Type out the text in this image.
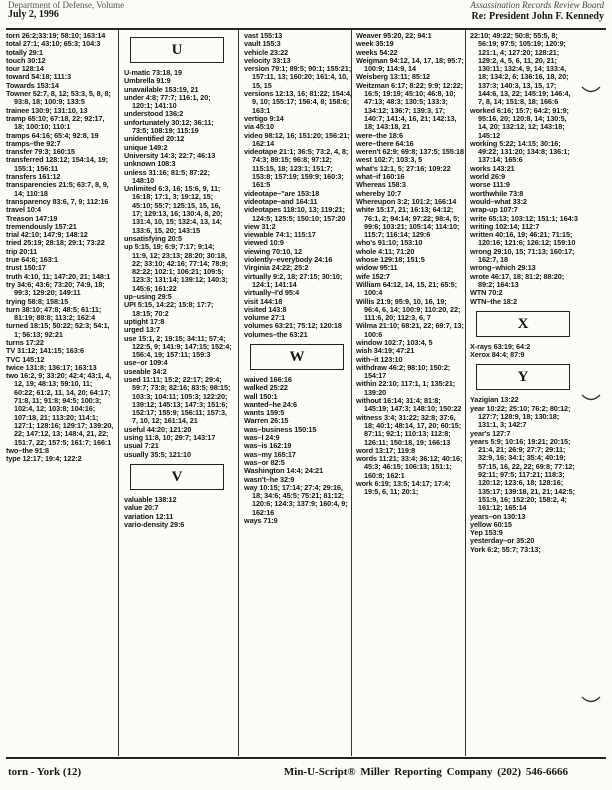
Department of Defense, Volume
July 2, 1996
Assassination Records Review Board
Re: President John F. Kennedy
torn 26:2;33:19; 58:10; 163:14
total 27:1; 43:10; 65:3; 104:3
totally 29:1
touch 30:12
tour 128:14
toward 54:18; 111:3
Towards 153:14
Towner 52:7, 8, 12; 53:3, 5, 8, 8; 93:8, 18; 100:9; 133:5
trainee 130:9; 131:10, 13
tramp 65:10; 67:18, 22; 92:17, 18; 100:10; 110:1
tramps 64:16; 65:4; 92:8, 19
tramps–the 92:7
transfer 79:3; 160:15
transferred 128:12; 154:14, 19; 155:1; 156:11
transfers 161:12
transparencies 21:5; 63:7, 8, 9, 14; 110:18
transparency 83:6, 7, 9; 112:16
travel 10:4
Treason 147:19
tremendously 157:21
trial 42:10; 147:9; 148:12
tried 25:19; 28:18; 29:1; 73:22
trip 20:11
true 64:6; 163:1
trust 150:17
truth 4:10, 11; 147:20, 21; 148:1
try 34:6; 43:6; 73:20; 74:9, 18; 99:3; 129:20; 149:11
trying 58:8; 158:15
turn 38:10; 47:8; 48:5; 61:11; 81:19; 88:8; 113:2; 162:4
turned 18:15; 50:22; 52:3; 54:1, 1; 56:13; 92:21
turns 17:22
TV 31:12; 141:15; 163:6
TVC 145:12
twice 131:8; 136:17; 163:13
two 16:2, 9; 33:20; 42:4; 43:1, 4, 12, 19; 48:13; 59:10, 11; 60:22; 61:2, 11, 14, 20; 64:17; 71:8, 11; 91:8; 94:5; 100:3; 102:4, 12; 103:8; 104:16; 107:18, 21; 113:20; 114:1; 127:1; 128:16; 129:17; 139:20, 22; 147:12, 13; 148:4, 21, 22; 151:7, 22; 157:5; 161:7; 166:1
two–the 91:8
type 12:17; 19:4; 122:2
U
U-matic 73:18, 19
Umbrella 91:9
unavailable 153:19, 21
under 4:8; 77:7; 116:1, 20; 120:1; 141:10
understood 136:2
unfortunately 30:12; 36:11; 73:5; 108:19; 115:19
unidentified 20:12
unique 149:2
University 14:3; 22:7; 46:13
unknown 108:3
unless 31:16; 81:5; 87:22; 148:10
Unlimited 6:3, 16; 15:6, 9, 11; 16:18; 17:1, 3; 19:12, 15; 45:10; 55:7; 125:15, 15, 16, 17; 129:13, 16; 130:4, 8, 20; 131:4, 10, 15; 132:4, 13, 14; 133:6, 15, 20; 143:15
unsatisfying 20:5
up 5:15, 19; 6:9; 7:17; 9:14; 11:9, 12; 23:13; 28:20; 30:18, 22; 33:10; 42:16; 77:14; 78:9; 82:22; 102:1; 106:21; 109:5; 123:3; 131:14; 139:12; 140:3; 145:6; 161:22
up–using 29:5
UPI 5:15, 14:22; 15:8; 17:7; 18:15; 70:2
uptight 17:8
urged 13:7
use 15:1, 2; 19:15; 34:11; 57:4; 122:5, 9; 141:9; 147:15; 152:4; 156:4, 19; 157:11; 159:3
use–or 109:4
useable 34:2
used 11:11; 15:2; 22:17; 29:4; 59:7; 73:8; 82:16; 83:5; 98:15; 103:3; 104:11; 105:3; 122:20; 139:12; 145:13; 147:3; 151:6; 152:17; 155:9; 156:11; 157:3, 7, 10, 12; 161:14, 21
useful 44:20; 121:20
using 11:8, 10; 29:7; 143:17
usual 7:21
usually 35:5; 121:10
V
valuable 138:12
value 20:7
variation 12:11
vario-density 29:6
vast 155:13
vault 155:3
vehicle 23:22
velocity 33:13
version 79:1; 89:5; 90:1; 155:21; 157:11, 13; 160:20; 161:4, 10, 15, 15
versions 12:13, 16; 81:22; 154:4, 9, 10; 155:17; 156:4, 8; 158:6; 163:1
vertigo 9:14
via 45:10
video 98:12, 16; 151:20; 156:21; 162:14
videotape 21:1; 36:5; 73:2, 4, 8; 74:3; 89:15; 96:8; 97:12; 115:15, 18; 123:1; 151:7; 153:8; 157:19; 159:9; 160:3; 161:5
videotape–"are 153:18
videotape–and 164:11
videotapes 118:10, 13; 119:21; 124:5; 125:5; 150:10; 157:20
view 31:2
viewable 74:1; 115:17
viewed 10:9
viewing 70:10, 12
violently–everybody 24:16
Virginia 24:22; 25:2
virtually 9:2, 18; 27:15; 30:10; 124:1; 141:14
virtually–I'd 95:4
visit 144:18
visited 143:8
volume 27:1
volumes 63:21; 75:12; 120:18
volumes–the 63:21
W
waived 166:16
walked 25:22
wall 150:1
wanted–he 24:6
wants 159:5
Warren 26:15
was–business 150:15
was–I 24:9
was–is 162:19
was–my 165:17
was–or 82:5
Washington 14:4; 24:21
wasn't–he 32:9
way 10:15; 17:14; 27:4; 29:16, 18; 34:6; 45:5; 75:21; 81:12; 120:6; 124:3; 137:9; 160:4, 9; 162:16
ways 71:9
Weaver 95:20, 22; 94:1
week 35:19
weeks 54:22
Weigman 94:12, 14, 17, 18; 95:7; 100:9; 114:9, 14
Weisberg 13:11; 85:12
Weitzman 6:17; 8:22; 9:9; 12:22; 16:5; 19:19; 45:10; 46:8, 10; 47:13; 48:3; 130:5; 133:3; 134:12; 136:7; 139:3, 17; 140:7; 141:4, 16, 21; 142:13, 18; 143:18, 21
were–the 18:6
were–there 64:16
weren't 62:9; 69:8; 137:5; 155:18
west 102:7; 103:3, 5
what's 12:1, 5; 27:16; 109:22
what–if 160:16
Whereas 158:3
whereby 10:7
Whereupon 3:2; 101:2; 166:14
white 15:17, 21; 16:13; 64:12; 76:1, 2; 94:14; 97:22; 98:4, 5; 99:6; 103:21; 105:14; 114:10; 115:7; 116:14; 129:6
who's 91:10; 153:10
whole 4:11; 71:20
whose 129:18; 151:5
widow 95:11
wife 152:7
William 64:12, 14, 15, 21; 65:5; 100:4
Willis 21:9; 95:9, 10, 16, 19; 96:4, 6, 14; 100:9; 110:20, 22; 111:6, 20; 112:3, 6, 7
Wilma 21:10; 68:21, 22; 69:7, 13; 100:6
window 102:7; 103:4, 5
wish 34:19; 47:21
with–it 123:10
withdraw 46:2; 98:10; 150:2; 154:17
within 22:10; 117:1, 1; 135:21; 139:20
without 16:14; 31:4; 81:8; 145:19; 147:3; 148:10; 150:22
witness 3:4; 31:22; 32:8; 37:6, 18; 40:1; 48:14, 17, 20; 60:15; 87:11; 92:1; 110:13; 112:8; 126:11; 150:18, 19; 166:13
word 13:17; 119:8
words 11:21; 33:4; 36:12; 40:16; 45:3; 46:15; 106:13; 151:1; 160:8; 162:1
work 6:19; 13:5; 14:17; 17:4; 19:5, 6, 11; 20:1;
22:10; 49:22; 50:8; 55:5, 8; 56:19; 97:5; 105:19; 120:9; 121:1, 4; 127:20; 128:21; 129:2, 4, 5, 6, 11, 20, 21; 130:11; 132:4, 9, 14; 133:4, 18; 134:2, 6; 136:16, 18, 20; 137:3; 140:3, 13, 15, 17; 144:6, 13, 22; 145:19; 146:4, 7, 8, 14; 151:8, 18; 166:6
worked 6:16; 15:7; 64:2; 91:9; 95:16, 20; 120:8, 14; 130:5, 14, 20; 132:12, 12; 143:18; 145:12
working 5:22; 14:15; 30:16; 49:22; 131:20; 134:8; 136:1; 137:14; 165:6
works 143:21
world 26:9
worse 111:9
worthwhile 73:8
would–what 33:2
wrap-up 107:7
write 65:13; 103:12; 151:1; 164:3
writing 102:14; 112:7
written 40:16, 19; 46:21; 71:15; 120:16; 121:6; 126:12; 159:10
wrong 29:10, 15; 71:13; 160:17; 162:7, 18
wrong–which 29:13
wrote 46:17, 18; 81:2; 88:20; 89:2; 164:13
WTN 70:2
WTN–the 18:2
X
X-rays 63:19; 64:2
Xerox 84:4; 87:9
Y
Yazigian 13:22
year 10:22; 25:10; 76:2; 80:12; 127:7; 128:9, 18; 130:18; 131:1, 3; 142:7
year's 127:7
years 5:9; 10:16; 19:21; 20:15; 21:4, 21; 26:9; 27:7; 29:11; 32:9, 16; 34:1; 35:4; 40:19; 57:15, 16, 22, 22; 69:8; 77:12; 92:11; 97:5; 117:21; 118:3; 120:12; 123:6, 18; 128:16; 135:17; 139:18, 21, 21; 142:5; 151:9, 16; 152:20; 158:2, 4; 161:12; 165:14
years–on 130:13
yellow 60:15
Yep 153:9
yesterday–or 35:20
York 6:2; 55:7; 73:13;
torn - York (12)	Min-U-Script® Miller Reporting Company (202) 546-6666
